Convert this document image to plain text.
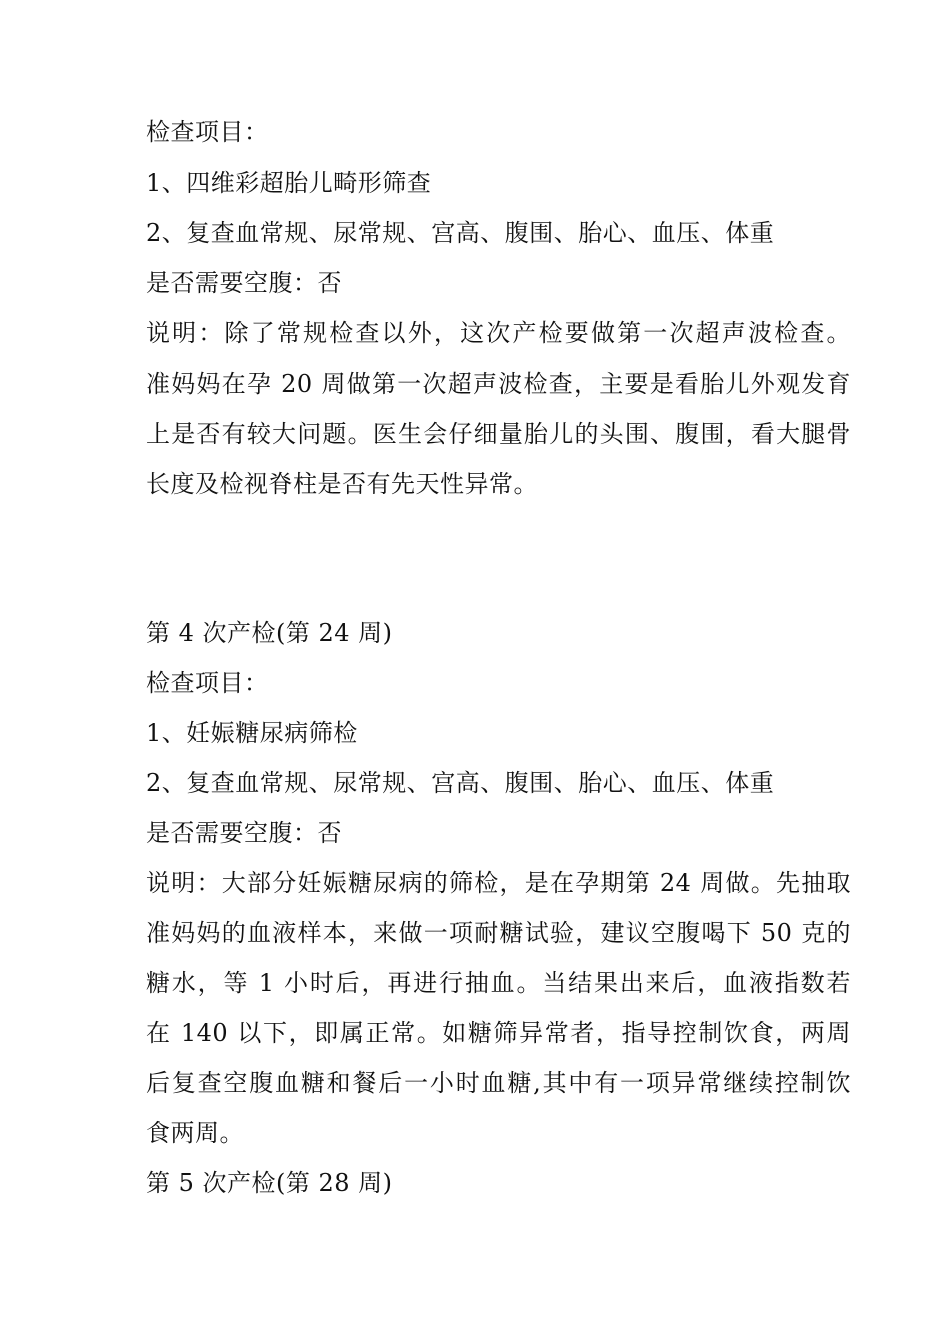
检查项目：
1、四维彩超胎儿畸形筛查
2、复查血常规、尿常规、宫高、腹围、胎心、血压、体重
是否需要空腹：否
说明：除了常规检查以外，这次产检要做第一次超声波检查。
准妈妈在孕 20 周做第一次超声波检查，主要是看胎儿外观发育
上是否有较大问题。医生会仔细量胎儿的头围、腹围，看大腿骨
长度及检视脊柱是否有先天性异常。
第 4 次产检(第 24 周)
检查项目：
1、妊娠糖尿病筛检
2、复查血常规、尿常规、宫高、腹围、胎心、血压、体重
是否需要空腹：否
说明：大部分妊娠糖尿病的筛检，是在孕期第 24 周做。先抽取
准妈妈的血液样本，来做一项耐糖试验，建议空腹喝下 50 克的
糖水，等 1 小时后，再进行抽血。当结果出来后，血液指数若
在 140 以下，即属正常。如糖筛异常者，指导控制饮食，两周
后复查空腹血糖和餐后一小时血糖,其中有一项异常继续控制饮
食两周。
第 5 次产检(第 28 周)
